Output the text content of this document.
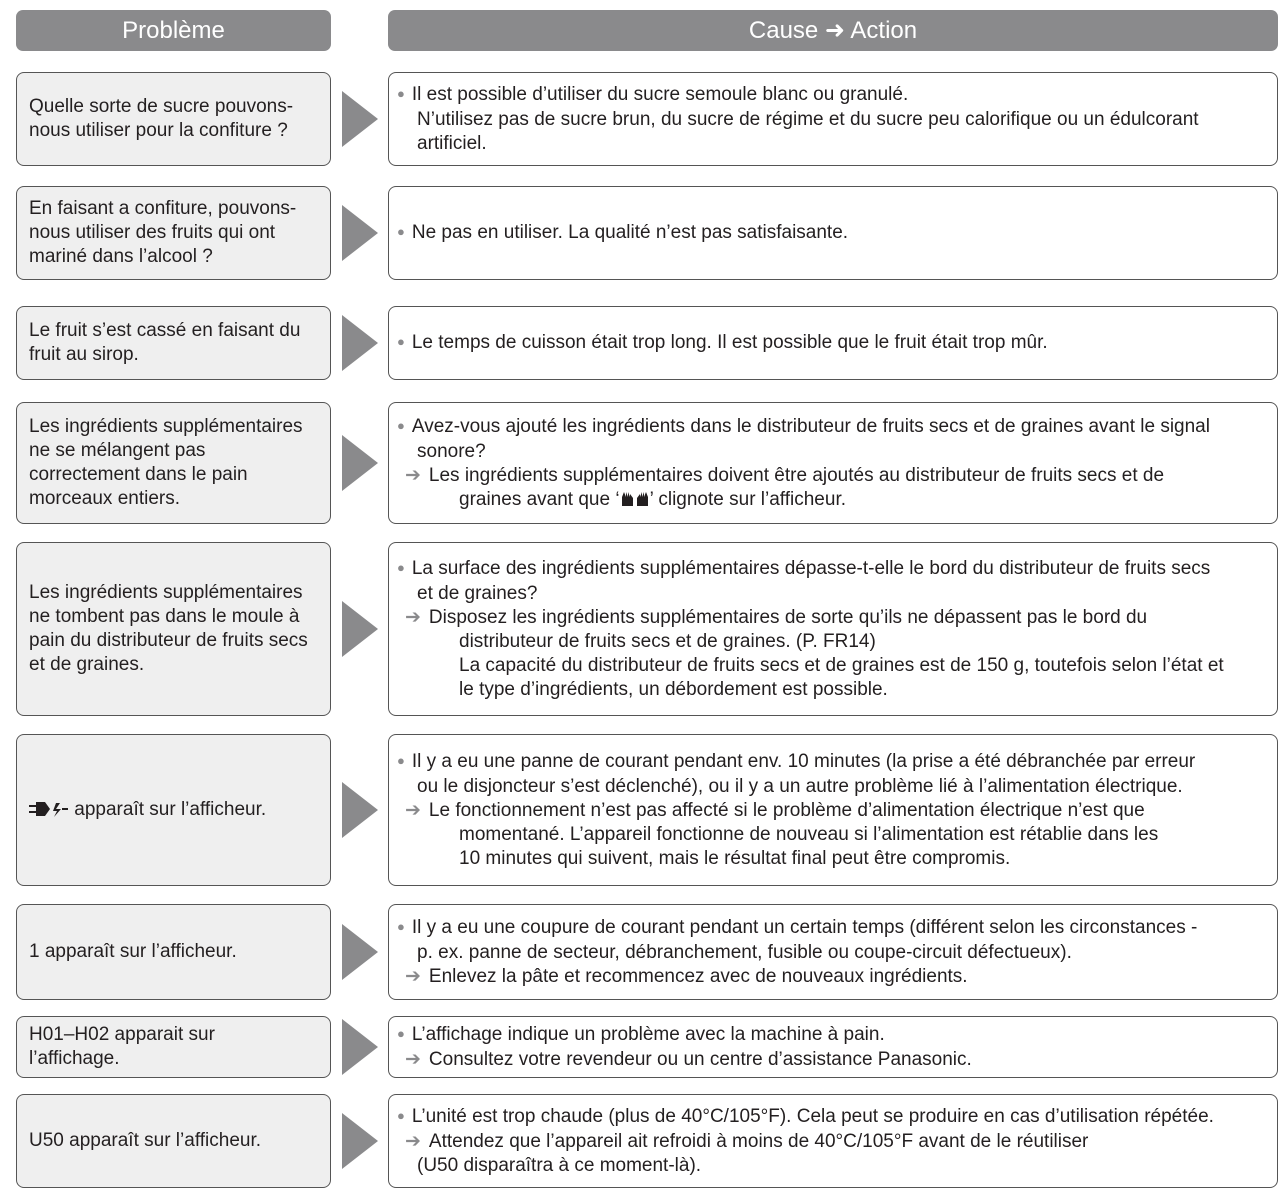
Problème	Cause ➜ Action
Quelle sorte de sucre pouvons-
nous utiliser pour la confiture ?
● Il est possible d’utiliser du sucre semoule blanc ou granulé.
N’utilisez pas de sucre brun, du sucre de régime et du sucre peu calorifique ou un édulcorant
artificiel.
En faisant a confiture, pouvons-
nous utiliser des fruits qui ont
mariné dans l’alcool ?
● Ne pas en utiliser. La qualité n’est pas satisfaisante.
Le fruit s’est cassé en faisant du
fruit au sirop.
● Le temps de cuisson était trop long. Il est possible que le fruit était trop mûr.
Les ingrédients supplémentaires
ne se mélangent pas
correctement dans le pain
morceaux entiers.
● Avez-vous ajouté les ingrédients dans le distributeur de fruits secs et de graines avant le signal
sonore?
➔ Les ingrédients supplémentaires doivent être ajoutés au distributeur de fruits secs et de
graines avant que ‘ ’ clignote sur l’afficheur.
Les ingrédients supplémentaires
ne tombent pas dans le moule à
pain du distributeur de fruits secs
et de graines.
● La surface des ingrédients supplémentaires dépasse-t-elle le bord du distributeur de fruits secs
et de graines?
➔ Disposez les ingrédients supplémentaires de sorte qu’ils ne dépassent pas le bord du
distributeur de fruits secs et de graines. (P. FR14)
La capacité du distributeur de fruits secs et de graines est de 150 g, toutefois selon l’état et
le type d’ingrédients, un débordement est possible.
apparaît sur l’afficheur.
● Il y a eu une panne de courant pendant env. 10 minutes (la prise a été débranchée par erreur
ou le disjoncteur s’est déclenché), ou il y a un autre problème lié à l’alimentation électrique.
➔ Le fonctionnement n’est pas affecté si le problème d’alimentation électrique n’est que
momentané. L’appareil fonctionne de nouveau si l’alimentation est rétablie dans les
10 minutes qui suivent, mais le résultat final peut être compromis.
1 apparaît sur l’afficheur.
● Il y a eu une coupure de courant pendant un certain temps (différent selon les circonstances -
p. ex. panne de secteur, débranchement, fusible ou coupe-circuit défectueux).
➔ Enlevez la pâte et recommencez avec de nouveaux ingrédients.
H01–H02 apparait sur
l’affichage.
● L’affichage indique un problème avec la machine à pain.
➔ Consultez votre revendeur ou un centre d’assistance Panasonic.
U50 apparaît sur l’afficheur.
● L’unité est trop chaude (plus de 40°C/105°F). Cela peut se produire en cas d’utilisation répétée.
➔ Attendez que l’appareil ait refroidi à moins de 40°C/105°F avant de le réutiliser
(U50 disparaîtra à ce moment-là).
